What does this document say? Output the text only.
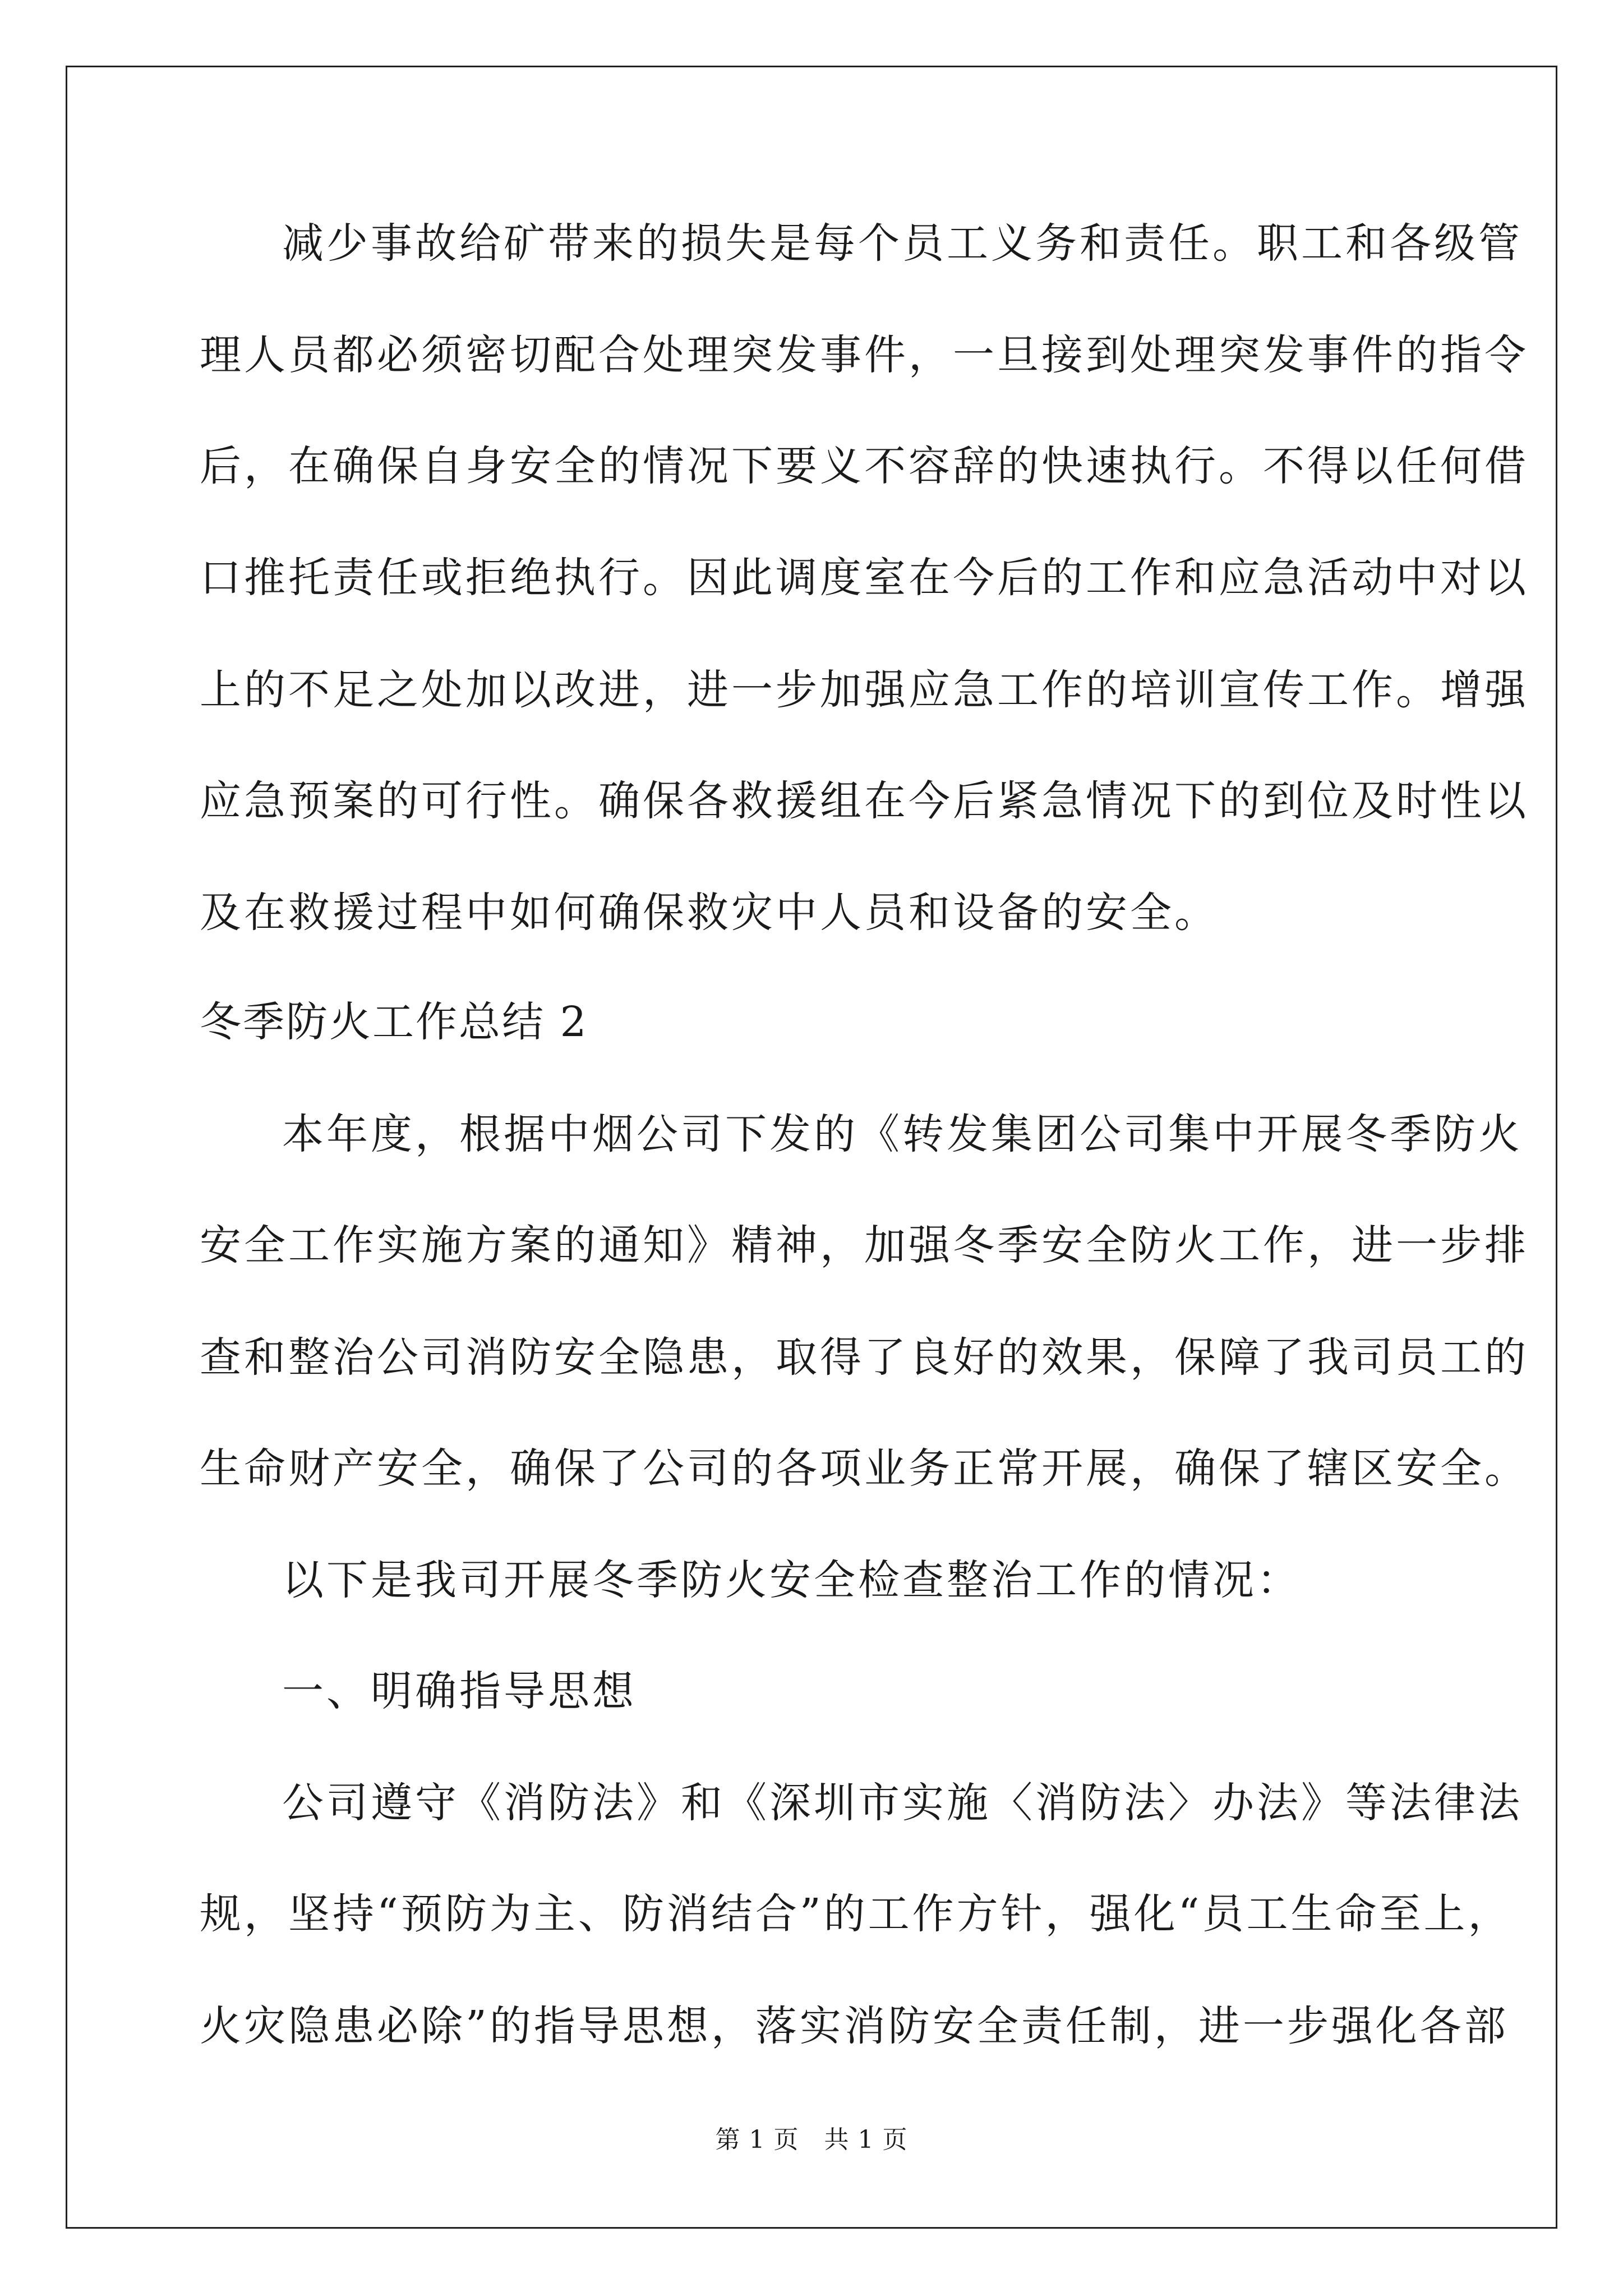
减少事故给矿带来的损失是每个员工义务和责任。职工和各级管
理人员都必须密切配合处理突发事件，一旦接到处理突发事件的指令
后，在确保自身安全的情况下要义不容辞的快速执行。不得以任何借
口推托责任或拒绝执行。因此调度室在今后的工作和应急活动中对以
上的不足之处加以改进，进一步加强应急工作的培训宣传工作。增强
应急预案的可行性。确保各救援组在今后紧急情况下的到位及时性以
及在救援过程中如何确保救灾中人员和设备的安全。
冬季防火工作总结 2
本年度，根据中烟公司下发的《转发集团公司集中开展冬季防火
安全工作实施方案的通知》精神，加强冬季安全防火工作，进一步排
查和整治公司消防安全隐患，取得了良好的效果，保障了我司员工的
生命财产安全，确保了公司的各项业务正常开展，确保了辖区安全。
以下是我司开展冬季防火安全检查整治工作的情况：
一、明确指导思想
公司遵守《消防法》和《深圳市实施〈消防法〉办法》等法律法
规，坚持“预防为主、防消结合”的工作方针，强化“员工生命至上，
火灾隐患必除”的指导思想，落实消防安全责任制，进一步强化各部
第 1 页　共 1 页
